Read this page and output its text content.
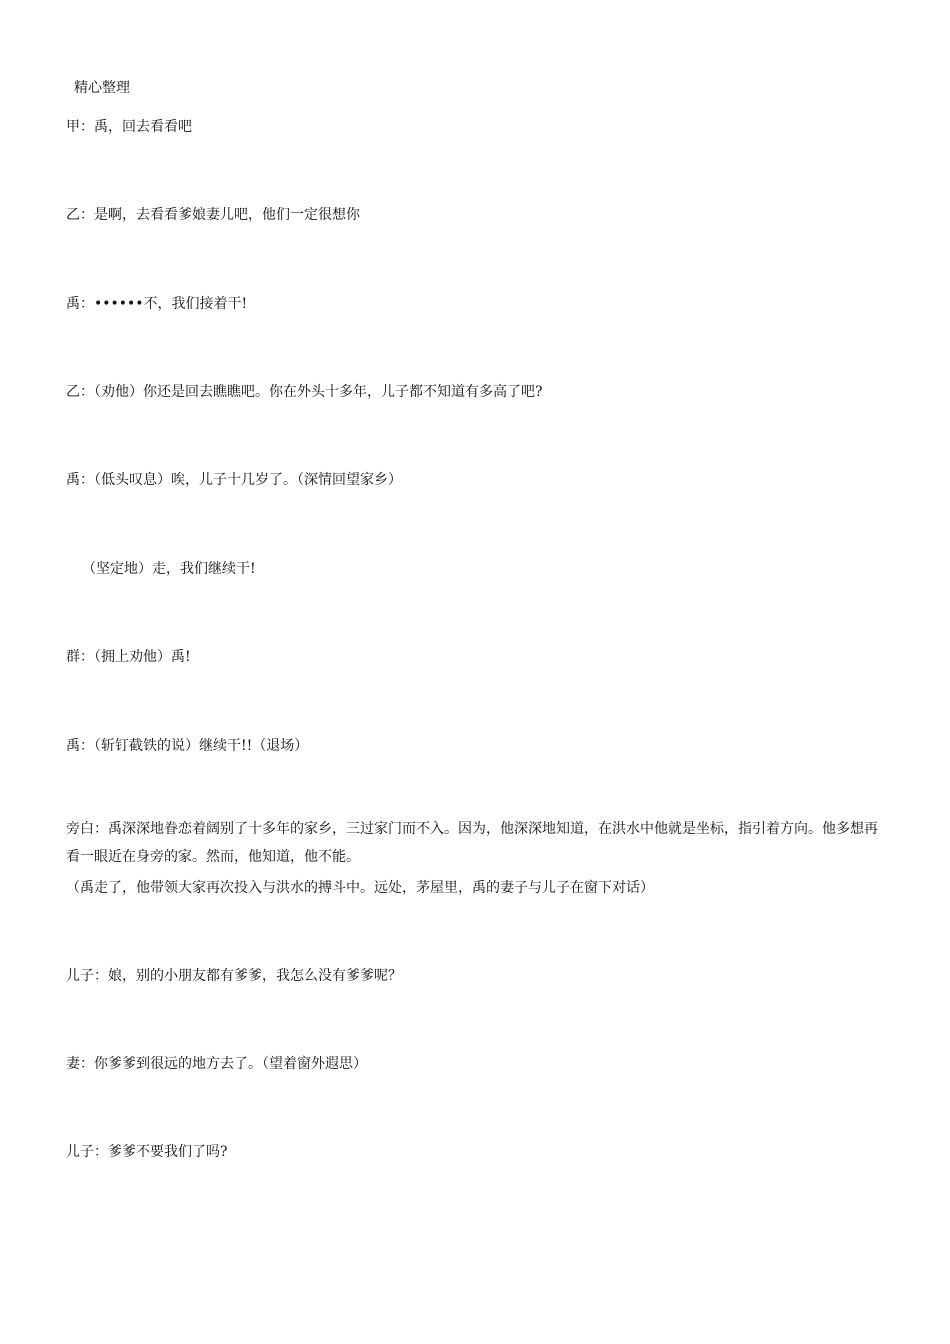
精心整理
甲：禹，回去看看吧
乙：是啊，去看看爹娘妻儿吧，他们一定很想你
禹：••••••不，我们接着干!
乙：（劝他）你还是回去瞧瞧吧。你在外头十多年，儿子都不知道有多高了吧?
禹：（低头叹息）唉，儿子十几岁了。（深情回望家乡）
（坚定地）走，我们继续干!
群：（拥上劝他）禹!
禹：（斩钉截铁的说）继续干!!（退场）
旁白：禹深深地眷恋着阔别了十多年的家乡，三过家门而不入。因为，他深深地知道，在洪水中他就是坐标，指引着方向。他多想再看一眼近在身旁的家。然而，他知道，他不能。
（禹走了，他带领大家再次投入与洪水的搏斗中。远处，茅屋里，禹的妻子与儿子在窗下对话）
儿子：娘，别的小朋友都有爹爹，我怎么没有爹爹呢？
妻：你爹爹到很远的地方去了。（望着窗外遐思）
儿子：爹爹不要我们了吗?
